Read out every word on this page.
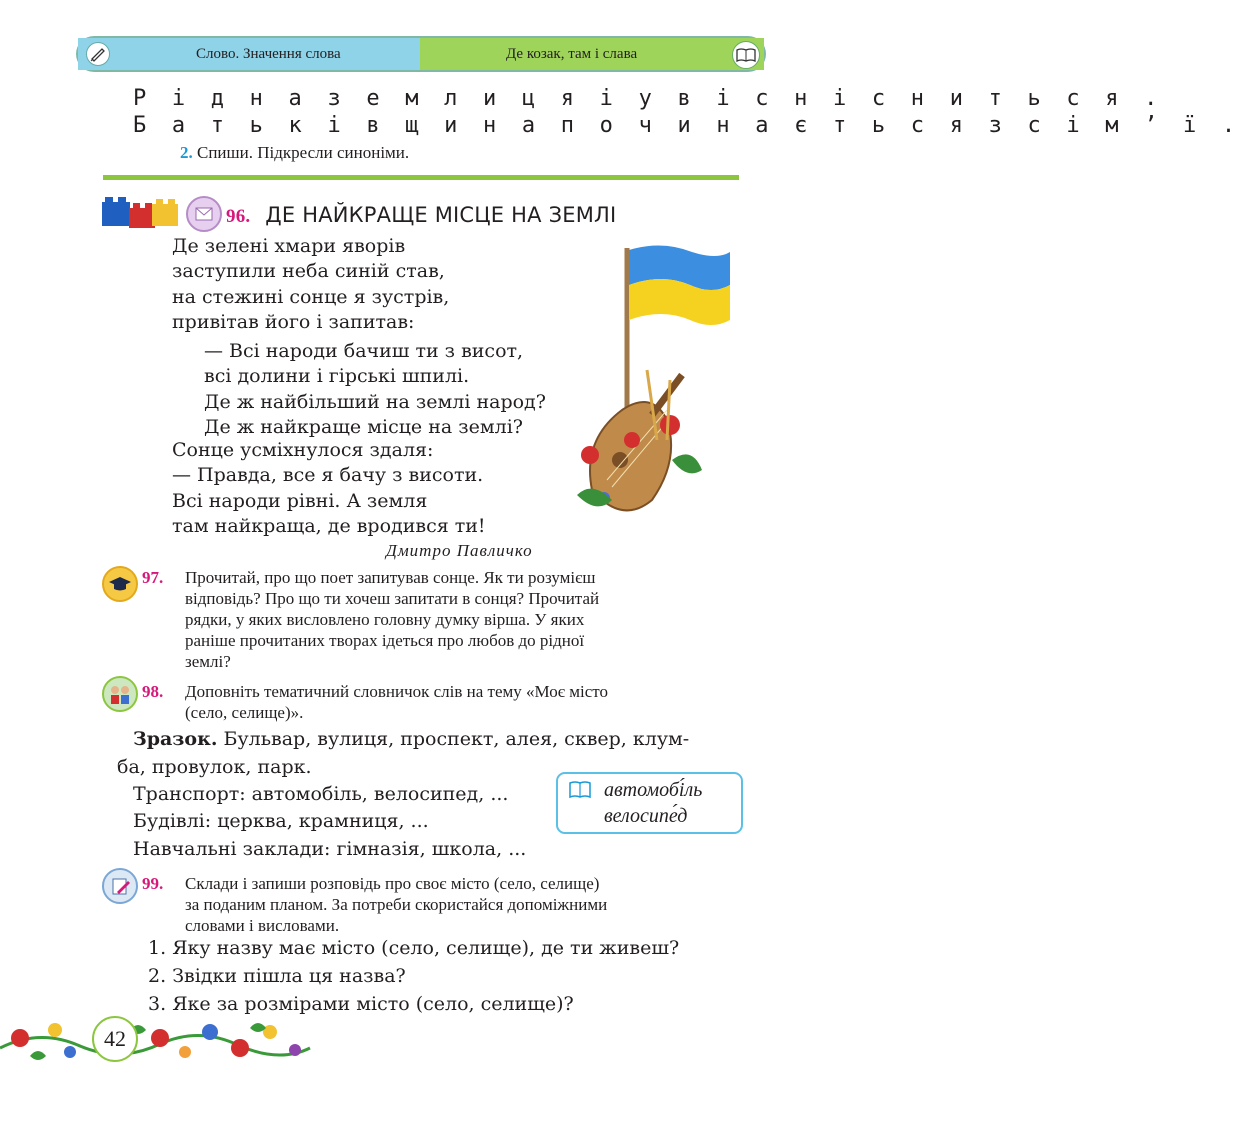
Слово. Значення слова	Де козак, там і слава
Р і д н а з е м л и ц я і у в і с н і с н и т ь с я .
Б а т ь к і в щ и н а п о ч и н а є т ь с я з с і м ’ ї .
2. Спиши. Підкресли синоніми.
96. ДЕ НАЙКРАЩЕ МІСЦЕ НА ЗЕМЛІ
Де зелені хмари яворів
заступили неба синій став,
на стежині сонце я зустрів,
привітав його і запитав:
— Всі народи бачиш ти з висот,
всі долини і гірські шпилі.
Де ж найбільший на землі народ?
Де ж найкраще місце на землі?
Сонце усміхнулося здаля:
— Правда, все я бачу з висоти.
Всі народи рівні. А земля
там найкраща, де вродився ти!
Дмитро Павличко
97.	Прочитай, про що поет запитував сонце. Як ти розумієш
відповідь? Про що ти хочеш запитати в сонця? Прочитай
рядки, у яких висловлено головну думку вірша. У яких
раніше прочитаних творах ідеться про любов до рідної
землі?
98. Доповніть тематичний словничок слів на тему «Моє місто
(село, селище)».
Зразок. Бульвар, вулиця, проспект, алея, сквер, клум-
ба, провулок, парк.
Транспорт: автомобіль, велосипед, ...
Будівлі: церква, крамниця, ...
Навчальні заклади: гімназія, школа, ...
автомобі́ль
велосипе́д
99. Склади і запиши розповідь про своє місто (село, селище)
за поданим планом. За потреби скористайся допоміжними
словами і висловами.
1. Яку назву має місто (село, селище), де ти живеш?
2. Звідки пішла ця назва?
3. Яке за розмірами місто (село, селище)?
42
